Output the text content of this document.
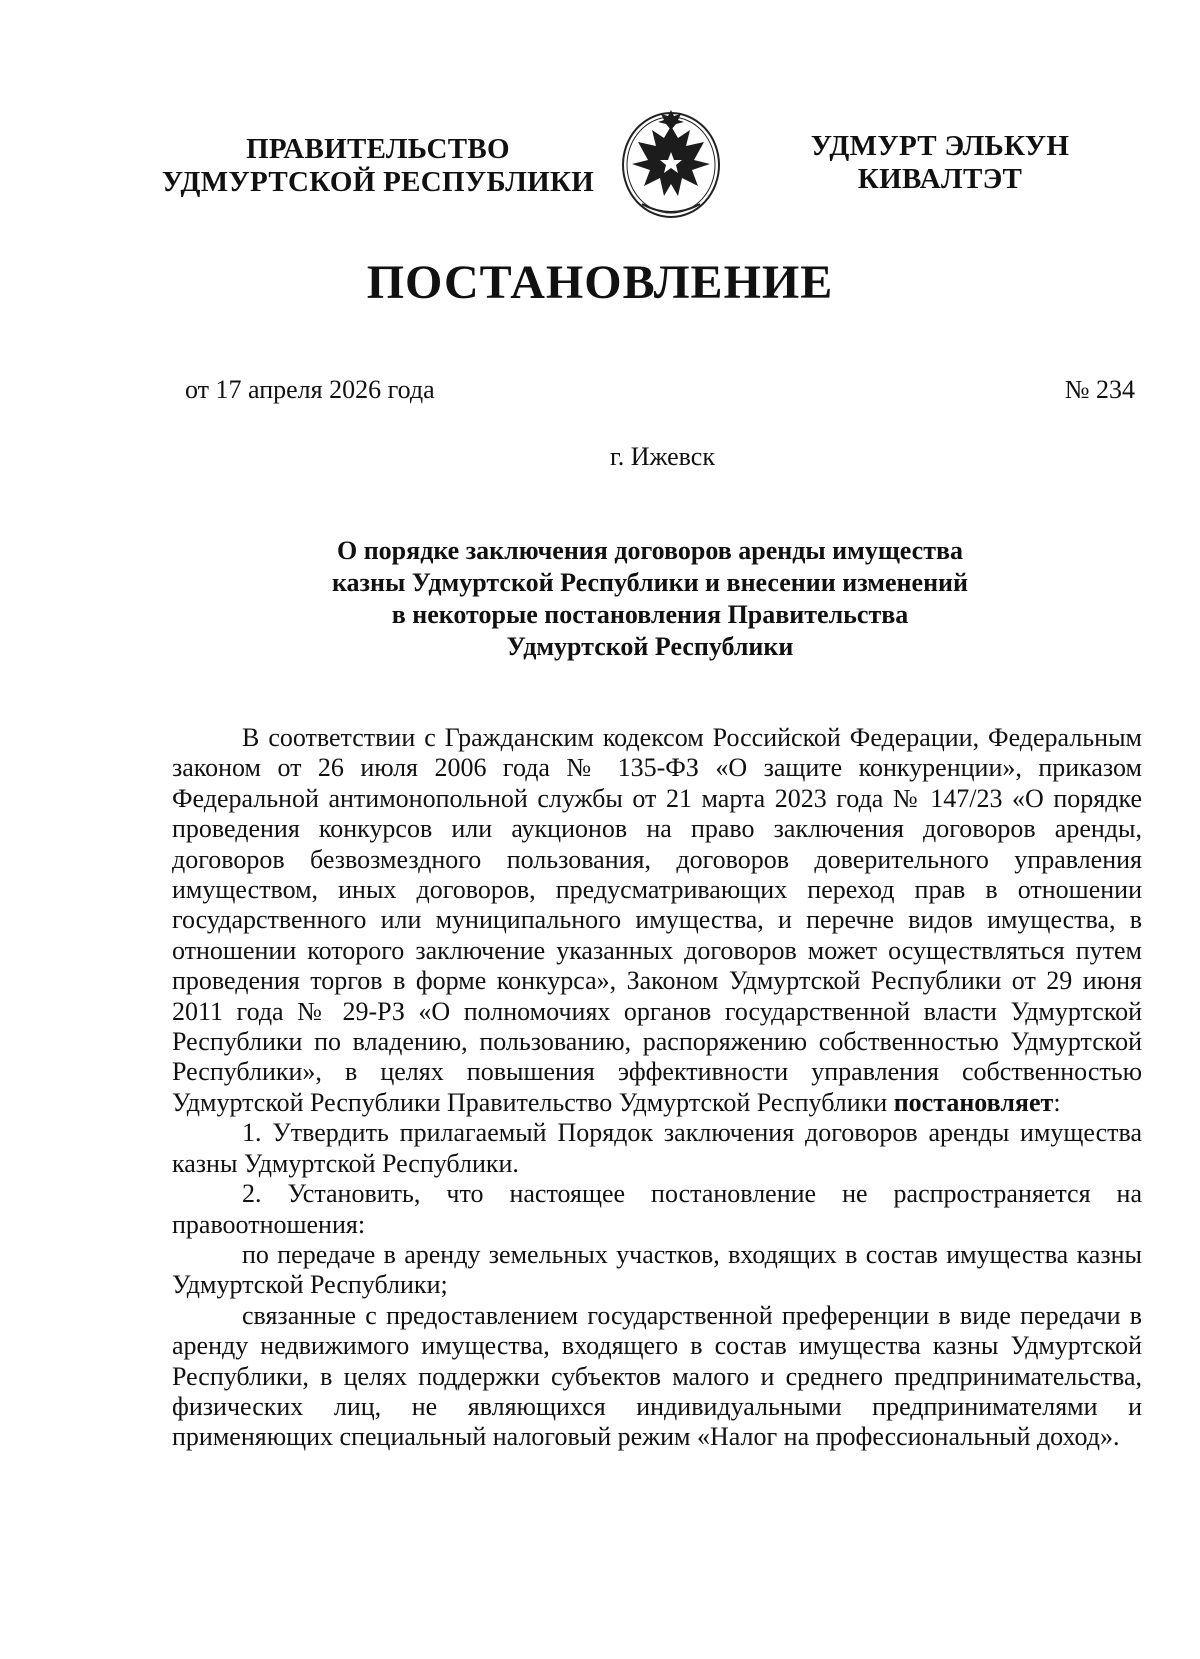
ПРАВИТЕЛЬСТВО
УДМУРТСКОЙ РЕСПУБЛИКИ
УДМУРТ ЭЛЬКУН
КИВАЛТЭТ
ПОСТАНОВЛЕНИЕ
от 17 апреля 2026 года	№ 234
г. Ижевск
О порядке заключения договоров аренды имущества
казны Удмуртской Республики и внесении изменений
в некоторые постановления Правительства
Удмуртской Республики

В соответствии с Гражданским кодексом Российской Федерации, Федеральным законом от 26 июля 2006 года № 135-ФЗ «О защите конкуренции», приказом Федеральной антимонопольной службы от 21 марта 2023 года № 147/23 «О порядке проведения конкурсов или аукционов на право заключения договоров аренды, договоров безвозмездного пользования, договоров доверительного управления имуществом, иных договоров, предусматривающих переход прав в отношении государственного или муниципального имущества, и перечне видов имущества, в отношении которого заключение указанных договоров может осуществляться путем проведения торгов в форме конкурса», Законом Удмуртской Республики от 29 июня 2011 года № 29-РЗ «О полномочиях органов государственной власти Удмуртской Республики по владению, пользованию, распоряжению собственностью Удмуртской Республики», в целях повышения эффективности управления собственностью Удмуртской Республики Правительство Удмуртской Республики постановляет:

1. Утвердить прилагаемый Порядок заключения договоров аренды имущества казны Удмуртской Республики.

2. Установить, что настоящее постановление не распространяется на правоотношения:

по передаче в аренду земельных участков, входящих в состав имущества казны Удмуртской Республики;

связанные с предоставлением государственной преференции в виде передачи в аренду недвижимого имущества, входящего в состав имущества казны Удмуртской Республики, в целях поддержки субъектов малого и среднего предпринимательства, физических лиц, не являющихся индивидуальными предпринимателями и применяющих специальный налоговый режим «Налог на профессиональный доход».
